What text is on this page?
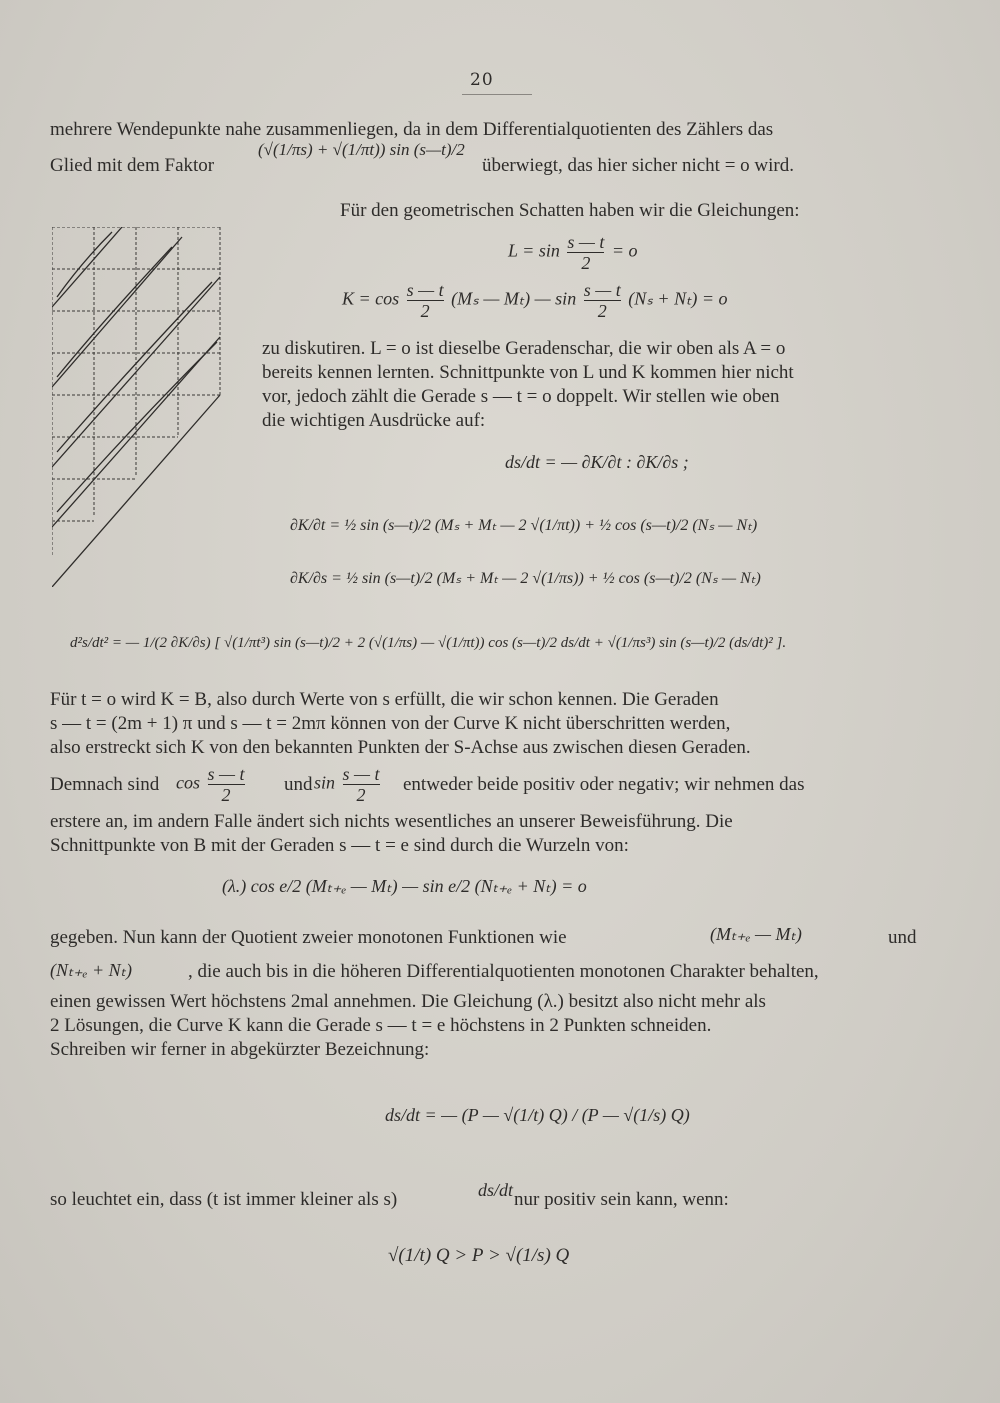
20
mehrere Wendepunkte nahe zusammenliegen, da in dem Differentialquotienten des Zählers das
Glied mit dem Faktor
(√(1/πs) + √(1/πt)) sin (s—t)/2
überwiegt, das hier sicher nicht = o wird.
Für den geometrischen Schatten haben wir die Gleichungen:
$L = \sin \frac{s — t}{2} = o$
$K = \cos \frac{s — t}{2} (M_s$ — Mₜ) — $\sin \frac{s — t}{2} (N_s + N_t) = o$
zu diskutiren. L = o ist dieselbe Geradenschar, die wir oben als A = o
bereits kennen lernten. Schnittpunkte von L und K kommen hier nicht
vor, jedoch zählt die Gerade s — t = o doppelt. Wir stellen wie oben
die wichtigen Ausdrücke auf:
ds/dt = — ∂K/∂t : ∂K/∂s ;
∂K/∂t = ½ sin (s—t)/2 (Mₛ + Mₜ — 2 √(1/πt)) + ½ cos (s—t)/2 (Nₛ — Nₜ)
∂K/∂s = ½ sin (s—t)/2 (Mₛ + Mₜ — 2 √(1/πs)) + ½ cos (s—t)/2 (Nₛ — Nₜ)
d²s/dt² = — 1/(2 ∂K/∂s) [ √(1/πt³) sin (s—t)/2 + 2 (√(1/πs) — √(1/πt)) cos (s—t)/2 ds/dt + √(1/πs³) sin (s—t)/2 (ds/dt)² ].
Für t = o wird K = B, also durch Werte von s erfüllt, die wir schon kennen. Die Geraden
s — t = (2m + 1) π und s — t = 2mπ können von der Curve K nicht überschritten werden,
also erstreckt sich K von den bekannten Punkten der S-Achse aus zwischen diesen Geraden.
Demnach sind $\cos \frac{s — t}{2}$ und $\sin \frac{s — t}{2}$ entweder beide positiv oder negativ; wir nehmen das
erstere an, im andern Falle ändert sich nichts wesentliches an unserer Beweisführung. Die
Schnittpunkte von B mit der Geraden s — t = e sind durch die Wurzeln von:
(λ.) cos e/2 (Mₜ₊ₑ — Mₜ) — sin e/2 (Nₜ₊ₑ + Nₜ) = o
gegeben. Nun kann der Quotient zweier monotonen Funktionen wie	(Mₜ₊ₑ — Mₜ)	und
(Nₜ₊ₑ + Nₜ)	, die auch bis in die höheren Differentialquotienten monotonen Charakter behalten,
einen gewissen Wert höchstens 2mal annehmen. Die Gleichung (λ.) besitzt also nicht mehr als
2 Lösungen, die Curve K kann die Gerade s — t = e höchstens in 2 Punkten schneiden.
Schreiben wir ferner in abgekürzter Bezeichnung:
ds/dt = — (P — √(1/t) Q) / (P — √(1/s) Q)
so leuchtet ein, dass (t ist immer kleiner als s)	ds/dt nur positiv sein kann, wenn:
√(1/t) Q > P > √(1/s) Q
